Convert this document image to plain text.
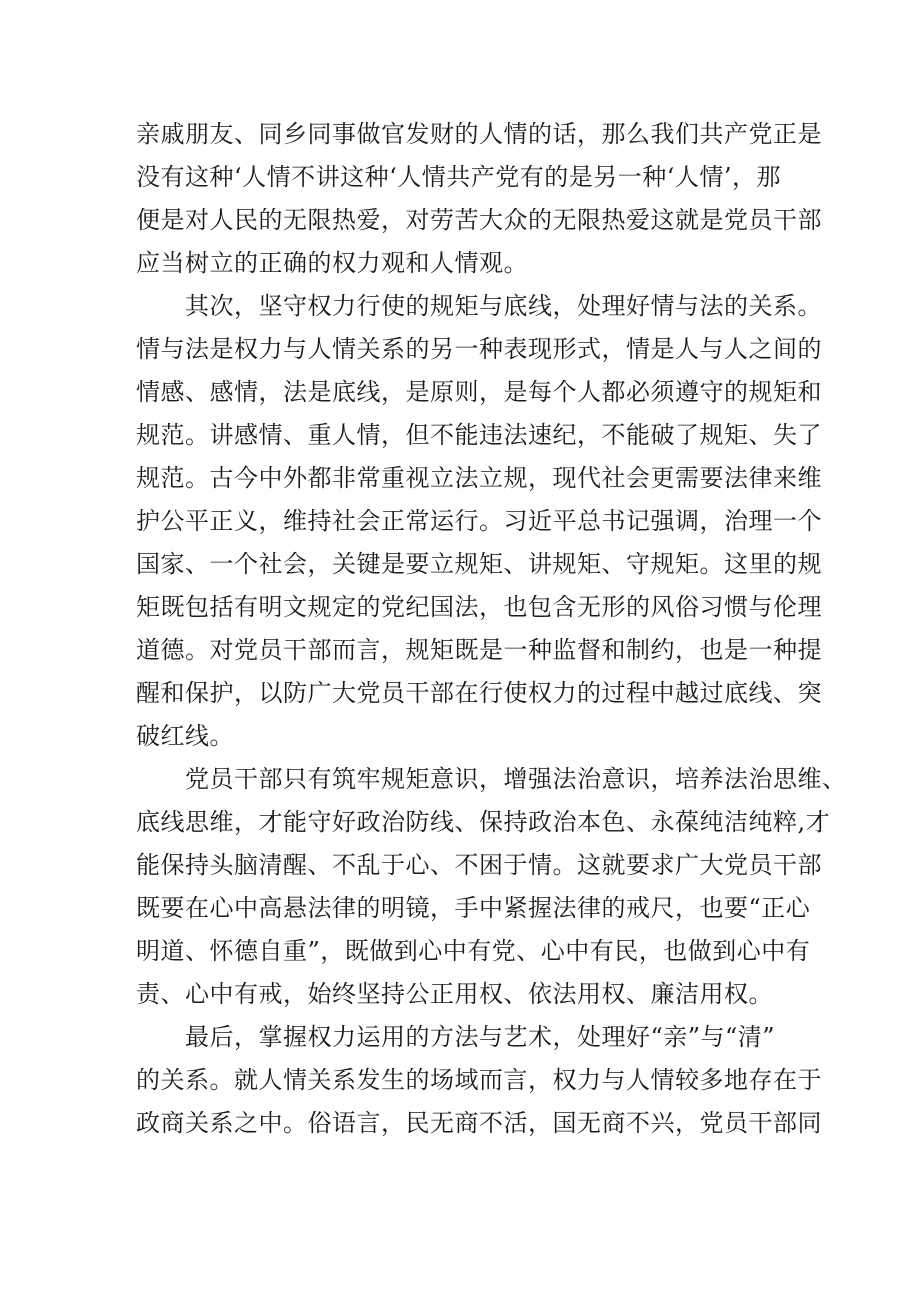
亲戚朋友、同乡同事做官发财的人情的话，那么我们共产党正是
没有这种‘人情不讲这种‘人情共产党有的是另一种‘人情’，那
便是对人民的无限热爱，对劳苦大众的无限热爱这就是党员干部
应当树立的正确的权力观和人情观。
其次，坚守权力行使的规矩与底线，处理好情与法的关系。
情与法是权力与人情关系的另一种表现形式，情是人与人之间的
情感、感情，法是底线，是原则，是每个人都必须遵守的规矩和
规范。讲感情、重人情，但不能违法速纪，不能破了规矩、失了
规范。古今中外都非常重视立法立规，现代社会更需要法律来维
护公平正义，维持社会正常运行。习近平总书记强调，治理一个
国家、一个社会，关键是要立规矩、讲规矩、守规矩。这里的规
矩既包括有明文规定的党纪国法，也包含无形的风俗习惯与伦理
道德。对党员干部而言，规矩既是一种监督和制约，也是一种提
醒和保护，以防广大党员干部在行使权力的过程中越过底线、突
破红线。
党员干部只有筑牢规矩意识，增强法治意识，培养法治思维、
底线思维，才能守好政治防线、保持政治本色、永葆纯洁纯粹,才
能保持头脑清醒、不乱于心、不困于情。这就要求广大党员干部
既要在心中高悬法律的明镜，手中紧握法律的戒尺，也要“正心
明道、怀德自重”，既做到心中有党、心中有民，也做到心中有
责、心中有戒，始终坚持公正用权、依法用权、廉洁用权。
最后，掌握权力运用的方法与艺术，处理好“亲”与“清”
的关系。就人情关系发生的场域而言，权力与人情较多地存在于
政商关系之中。俗语言，民无商不活，国无商不兴，党员干部同
